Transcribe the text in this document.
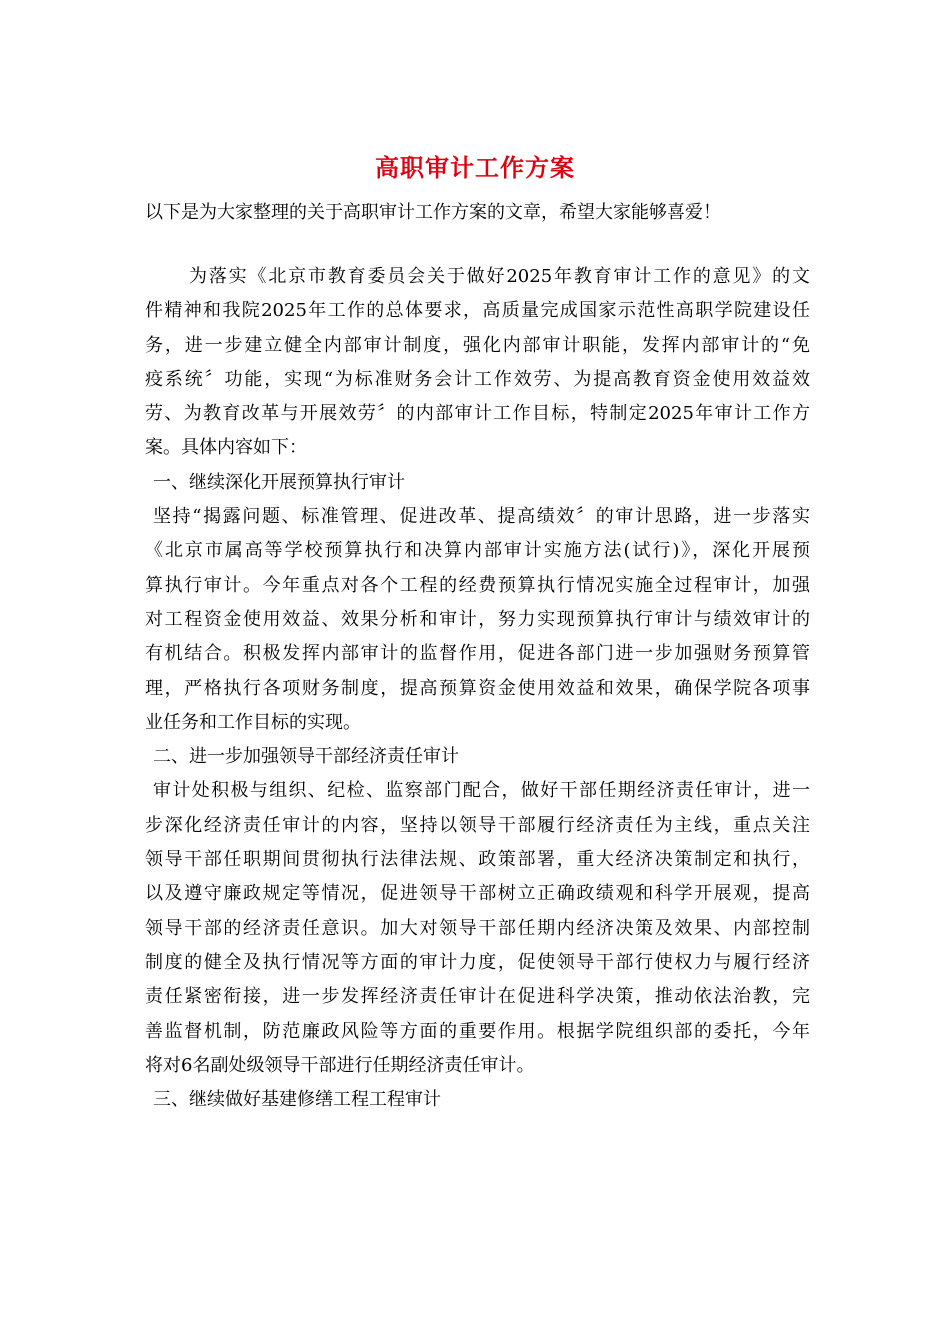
高职审计工作方案
以下是为大家整理的关于高职审计工作方案的文章，希望大家能够喜爱！
为落实《北京市教育委员会关于做好2025年教育审计工作的意见》的文
件精神和我院2025年工作的总体要求，高质量完成国家示范性高职学院建设任
务，进一步建立健全内部审计制度，强化内部审计职能，发挥内部审计的“免
疫系统〞功能，实现“为标准财务会计工作效劳、为提高教育资金使用效益效
劳、为教育改革与开展效劳〞的内部审计工作目标，特制定2025年审计工作方
案。具体内容如下：
一、继续深化开展预算执行审计
坚持“揭露问题、标准管理、促进改革、提高绩效〞的审计思路，进一步落实
《北京市属高等学校预算执行和决算内部审计实施方法(试行)》，深化开展预
算执行审计。今年重点对各个工程的经费预算执行情况实施全过程审计，加强
对工程资金使用效益、效果分析和审计，努力实现预算执行审计与绩效审计的
有机结合。积极发挥内部审计的监督作用，促进各部门进一步加强财务预算管
理，严格执行各项财务制度，提高预算资金使用效益和效果，确保学院各项事
业任务和工作目标的实现。
二、进一步加强领导干部经济责任审计
审计处积极与组织、纪检、监察部门配合，做好干部任期经济责任审计，进一
步深化经济责任审计的内容，坚持以领导干部履行经济责任为主线，重点关注
领导干部任职期间贯彻执行法律法规、政策部署，重大经济决策制定和执行，
以及遵守廉政规定等情况，促进领导干部树立正确政绩观和科学开展观，提高
领导干部的经济责任意识。加大对领导干部任期内经济决策及效果、内部控制
制度的健全及执行情况等方面的审计力度，促使领导干部行使权力与履行经济
责任紧密衔接，进一步发挥经济责任审计在促进科学决策，推动依法治教，完
善监督机制，防范廉政风险等方面的重要作用。根据学院组织部的委托，今年
将对6名副处级领导干部进行任期经济责任审计。
三、继续做好基建修缮工程工程审计
